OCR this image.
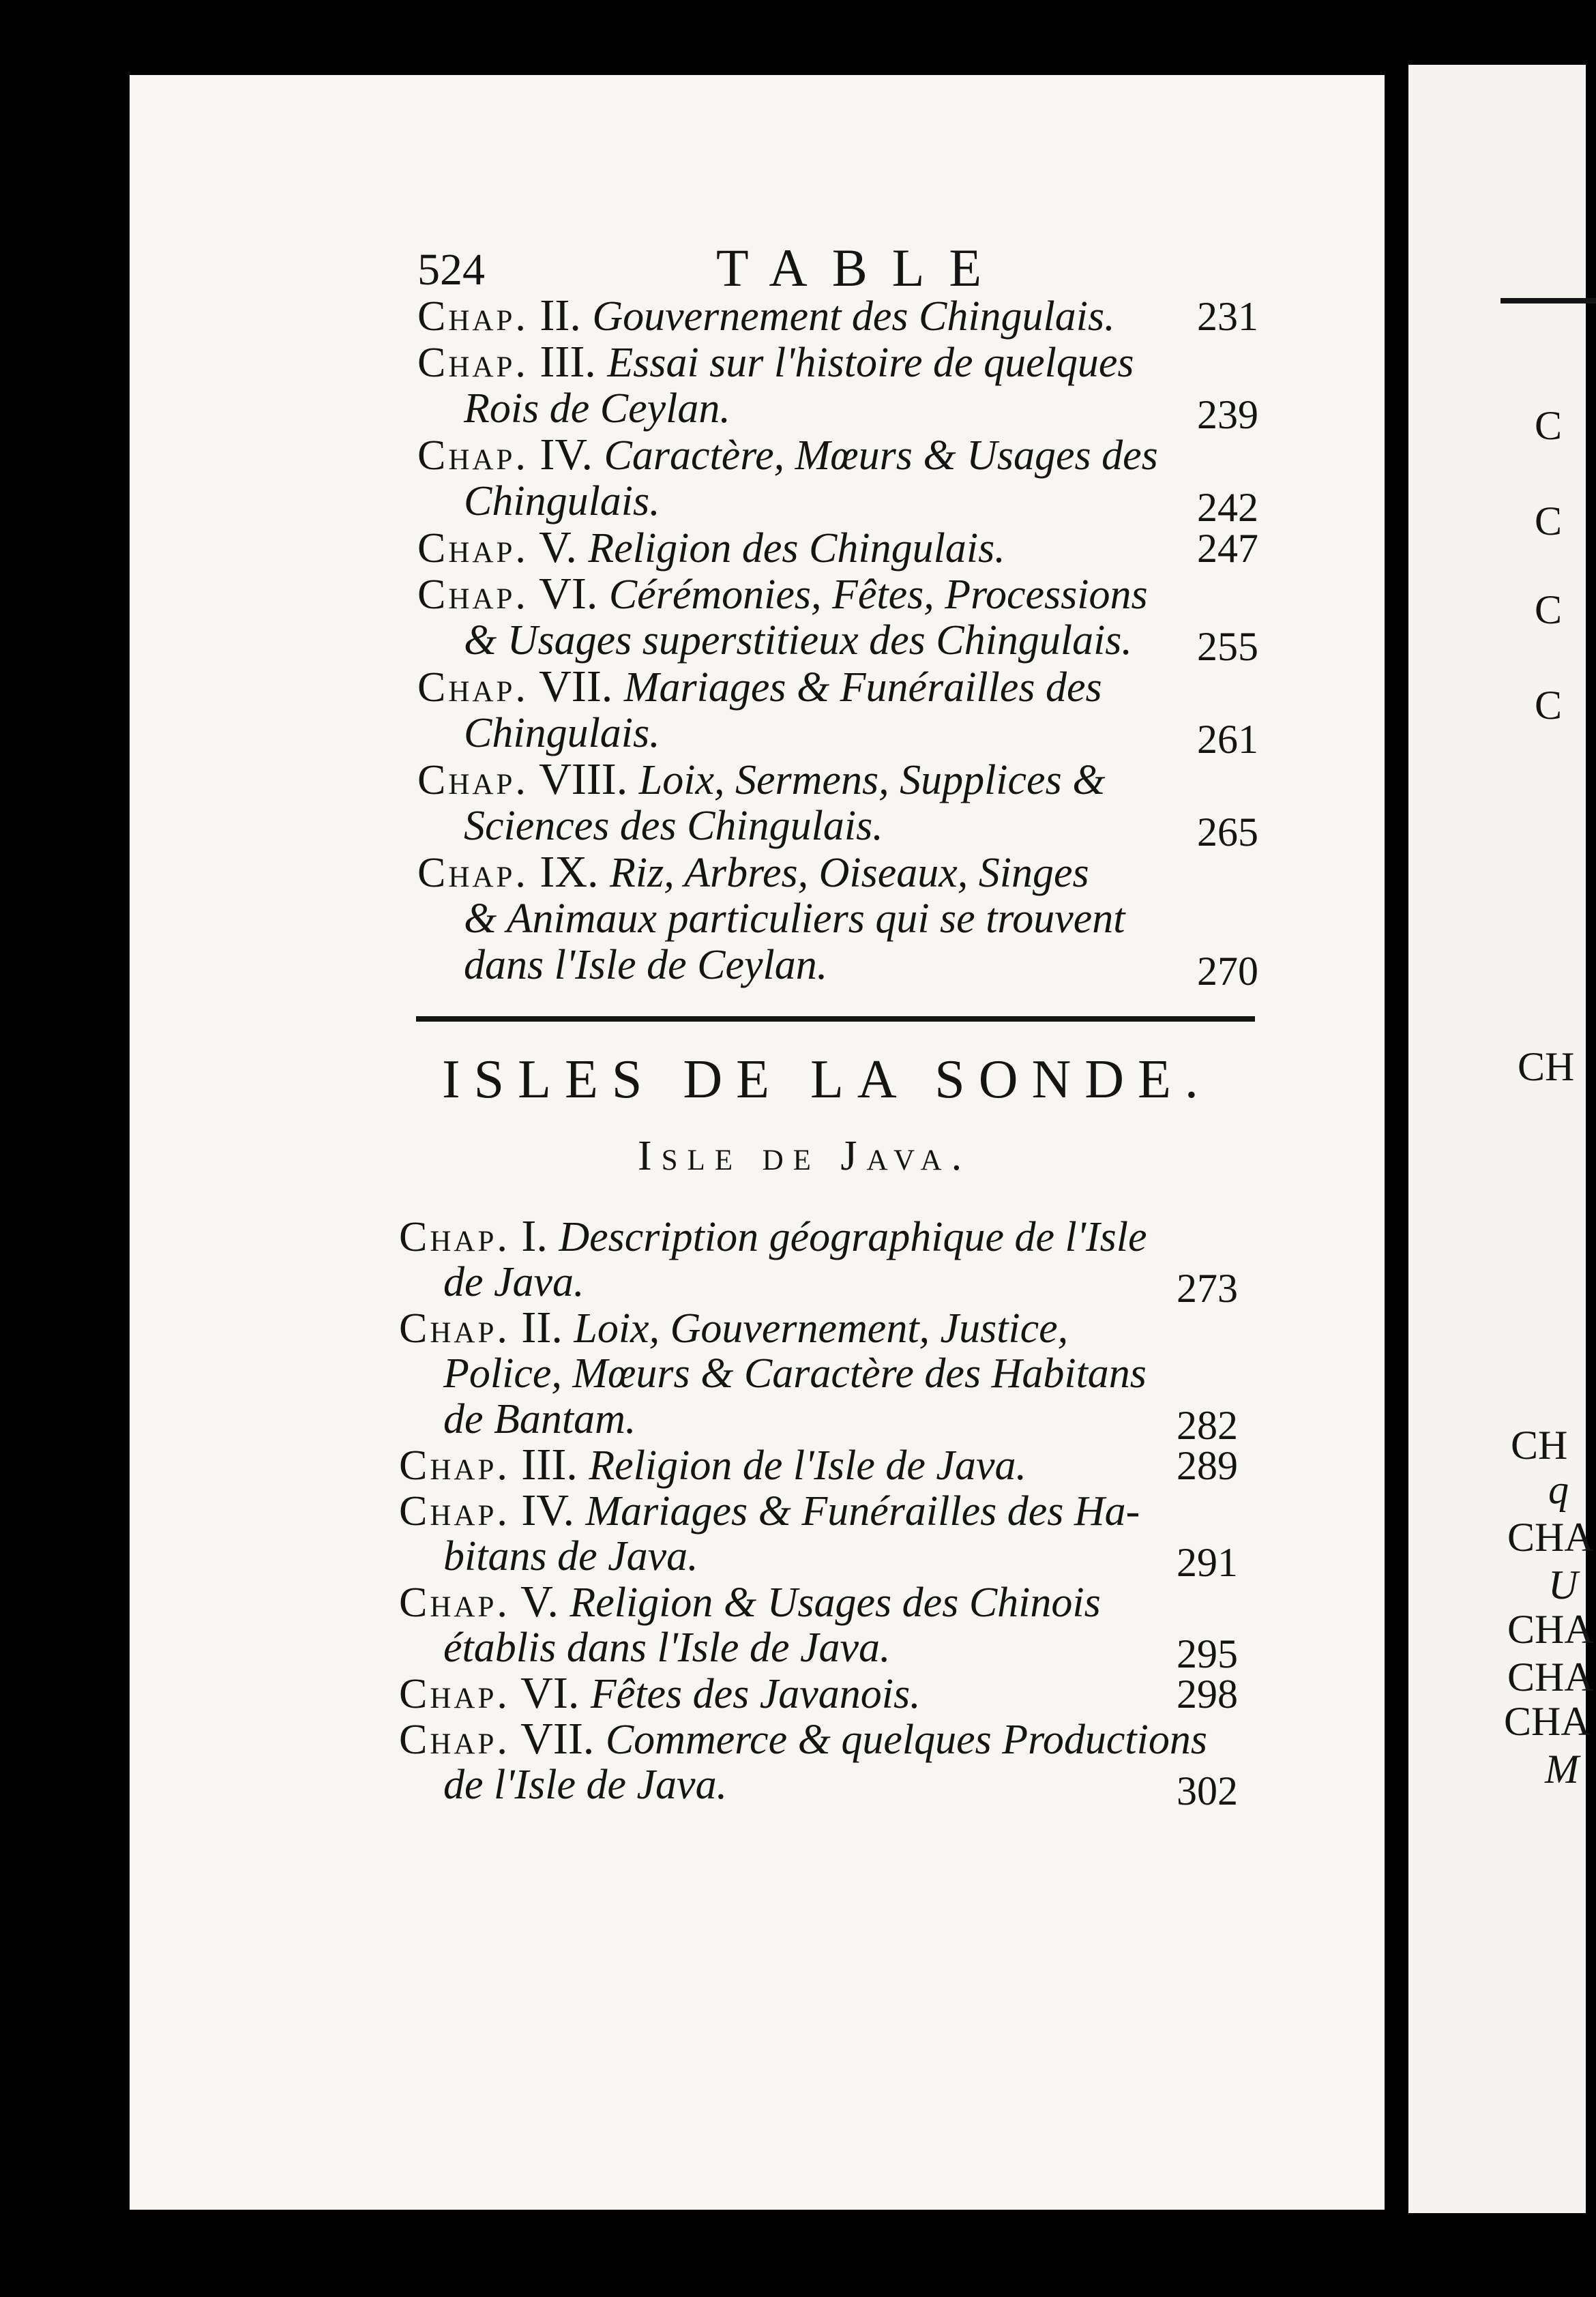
C
C
C
C
CH
CH
q
CHA
U
CHA
CHA
CHA
M
524	TABLE
Chap. II. Gouvernement des Chingulais. 231
Chap. III. Essai sur l'histoire de quelques
Rois de Ceylan.	239
Chap. IV. Caractère, Mœurs & Usages des
Chingulais.	242
Chap. V. Religion des Chingulais.	247
Chap. VI. Cérémonies, Fêtes, Processions
& Usages superstitieux des Chingulais. 255
Chap. VII. Mariages & Funérailles des
Chingulais.	261
Chap. VIII. Loix, Sermens, Supplices &
Sciences des Chingulais.	265
Chap. IX. Riz, Arbres, Oiseaux, Singes
& Animaux particuliers qui se trouvent
dans l'Isle de Ceylan.	270
ISLES DE LA SONDE.
Isle de Java.
Chap. I. Description géographique de l'Isle
de Java.	273
Chap. II. Loix, Gouvernement, Justice,
Police, Mœurs & Caractère des Habitans
de Bantam.	282
Chap. III. Religion de l'Isle de Java.	289
Chap. IV. Mariages & Funérailles des Ha-
bitans de Java.	291
Chap. V. Religion & Usages des Chinois
établis dans l'Isle de Java.	295
Chap. VI. Fêtes des Javanois.	298
Chap. VII. Commerce & quelques Productions
de l'Isle de Java.	302
